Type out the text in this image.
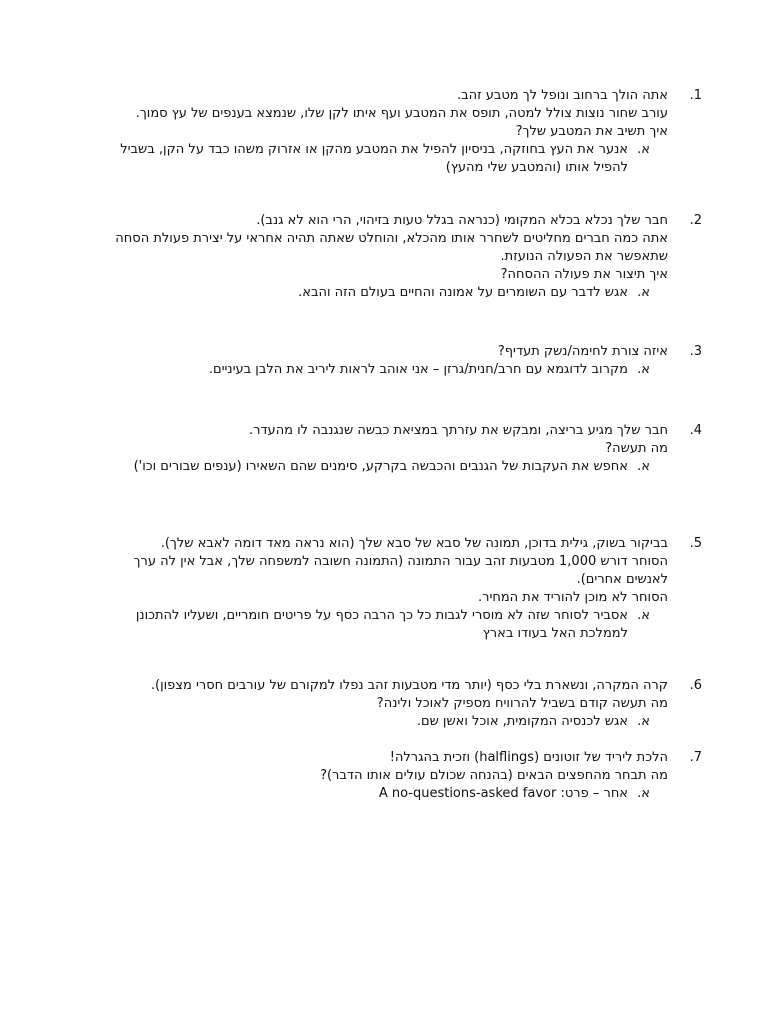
1.
אתה הולך ברחוב ונופל לך מטבע זהב.
עורב שחור נוצות צולל למטה, תופס את המטבע ועף איתו לקן שלו, שנמצא בענפים של עץ סמוך.
איך תשיב את המטבע שלך?
א.
אנער את העץ בחוזקה, בניסיון להפיל את המטבע מהקן או אזרוק משהו כבד על הקן, בשביל להפיל אותו (והמטבע שלי מהעץ)
2.
חבר שלך נכלא בכלא המקומי (כנראה בגלל טעות בזיהוי, הרי הוא לא גנב).
אתה כמה חברים מחליטים לשחרר אותו מהכלא, והוחלט שאתה תהיה אחראי על יצירת פעולת הסחה שתאפשר את הפעולה הנועזת.
איך תיצור את פעולה ההסחה?
א.
אגש לדבר עם השומרים על אמונה והחיים בעולם הזה והבא.
3.
איזה צורת לחימה/נשק תעדיף?
א.
מקרוב לדוגמא עם חרב/חנית/גרזן – אני אוהב לראות ליריב את הלבן בעיניים.
4.
חבר שלך מגיע בריצה, ומבקש את עזרתך במציאת כבשה שנגנבה לו מהעדר.
מה תעשה?
א.
אחפש את העקבות של הגנבים והכבשה בקרקע, סימנים שהם השאירו (ענפים שבורים וכו')
5.
בביקור בשוק, גילית בדוכן, תמונה של סבא של סבא שלך (הוא נראה מאד דומה לאבא שלך).
הסוחר דורש 1,000 מטבעות זהב עבור התמונה (התמונה חשובה למשפחה שלך, אבל אין לה ערך לאנשים אחרים).
הסוחר לא מוכן להוריד את המחיר.
א.
אסביר לסוחר שזה לא מוסרי לגבות כל כך הרבה כסף על פריטים חומריים, ושעליו להתכונן לממלכת האל בעודו בארץ
6.
קרה המקרה, ונשארת בלי כסף (יותר מדי מטבעות זהב נפלו למקורם של עורבים חסרי מצפון).
מה תעשה קודם בשביל להרוויח מספיק לאוכל ולינה?
א.
אגש לכנסיה המקומית, אוכל ואשן שם.
7.
הלכת ליריד של זוטונים (halflings) וזכית בהגרלה!
מה תבחר מהחפצים הבאים (בהנחה שכולם עולים אותו הדבר)?
א.
אחר – פרט: A no-questions-asked favor
